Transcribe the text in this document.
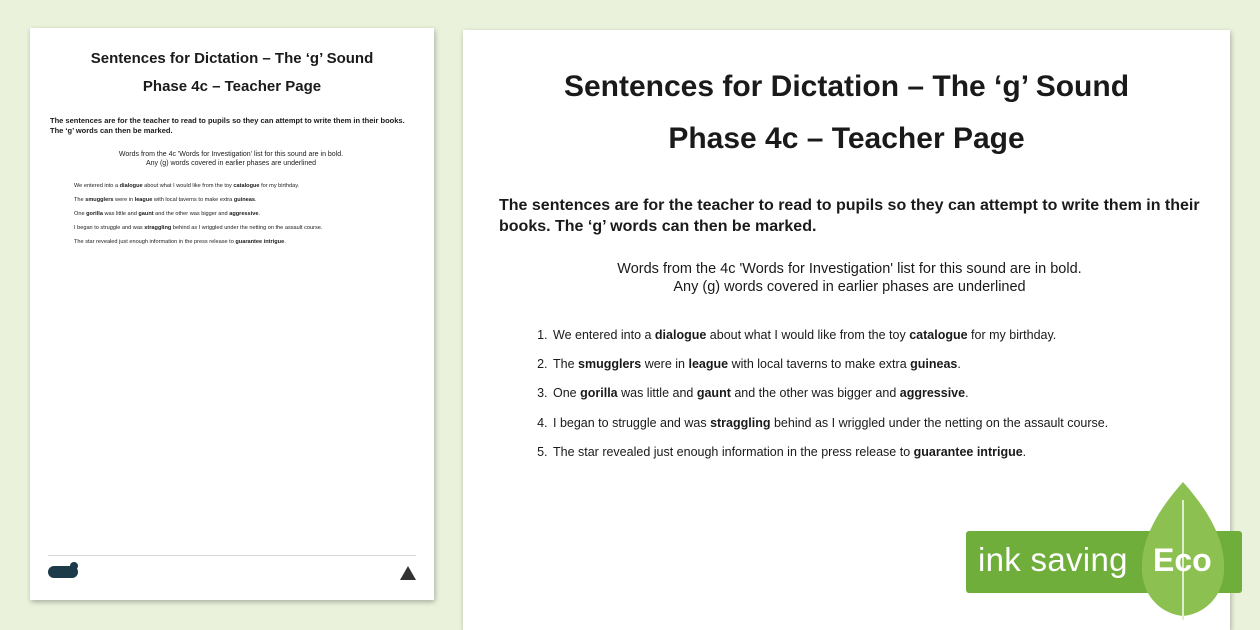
Sentences for Dictation – The ‘g’ Sound
Phase 4c – Teacher Page
The sentences are for the teacher to read to pupils so they can attempt to write them in their books. The ‘g’ words can then be marked.
Words from the 4c 'Words for Investigation' list for this sound are in bold.
Any (g) words covered in earlier phases are underlined
1. We entered into a dialogue about what I would like from the toy catalogue for my birthday.
2. The smugglers were in league with local taverns to make extra guineas.
3. One gorilla was little and gaunt and the other was bigger and aggressive.
4. I began to struggle and was straggling behind as I wriggled under the netting on the assault course.
5. The star revealed just enough information in the press release to guarantee intrigue.
Sentences for Dictation – The ‘g’ Sound
Phase 4c – Teacher Page
The sentences are for the teacher to read to pupils so they can attempt to write them in their books. The ‘g’ words can then be marked.
Words from the 4c 'Words for Investigation' list for this sound are in bold.
Any (g) words covered in earlier phases are underlined
1. We entered into a dialogue about what I would like from the toy catalogue for my birthday.
2. The smugglers were in league with local taverns to make extra guineas.
3. One gorilla was little and gaunt and the other was bigger and aggressive.
4. I began to struggle and was straggling behind as I wriggled under the netting on the assault course.
5. The star revealed just enough information in the press release to guarantee intrigue.
ink saving Eco
